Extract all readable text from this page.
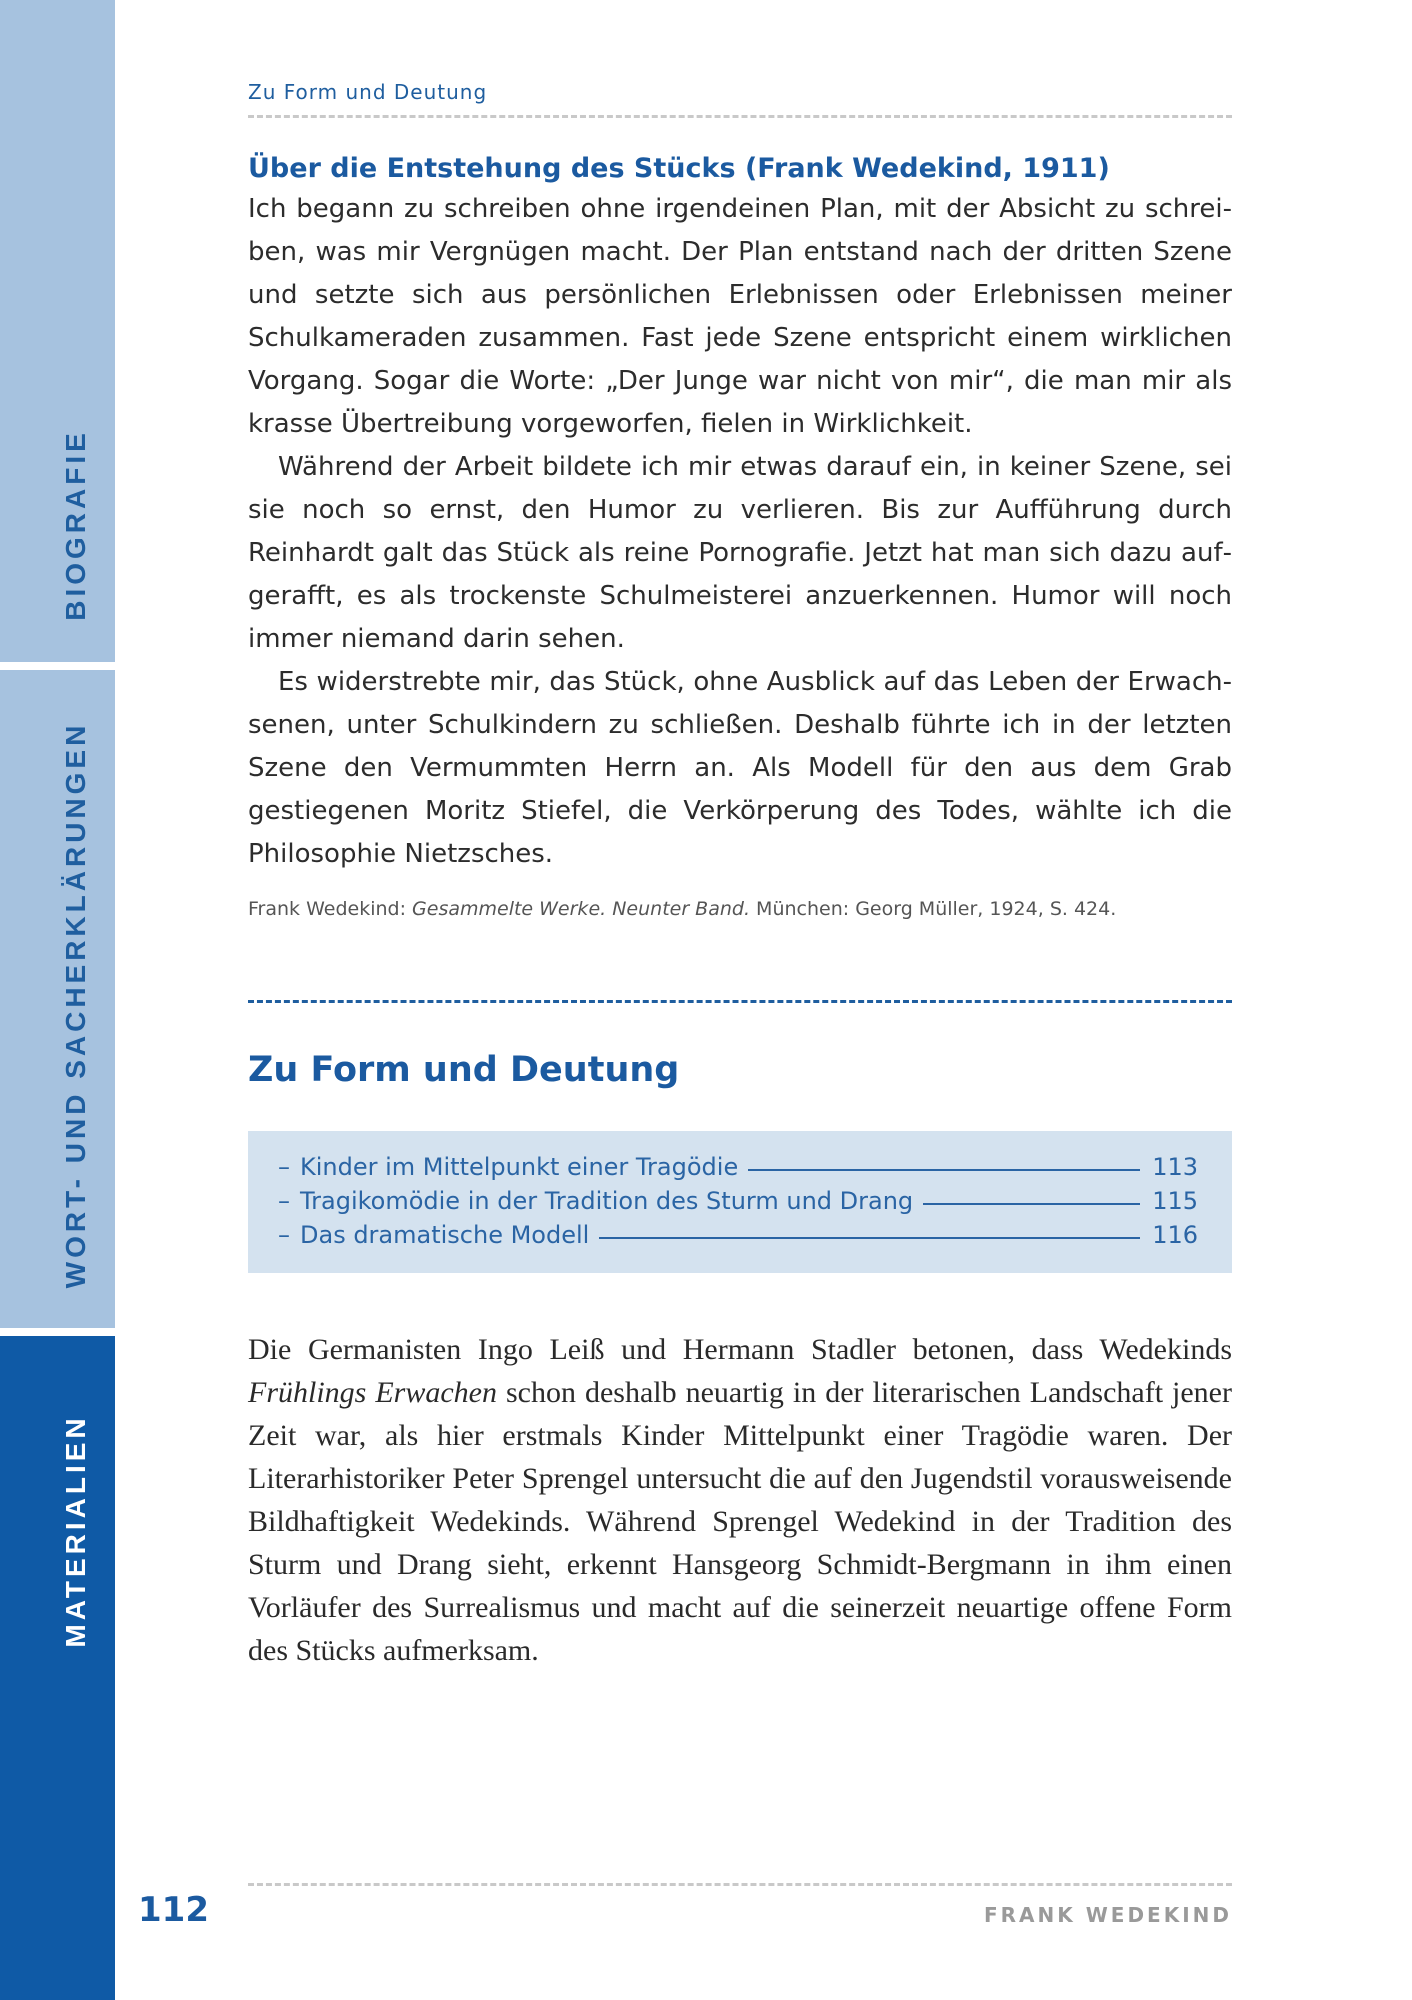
BIOGRAFIE
WORT- UND SACHERKLÄRUNGEN
MATERIALIEN
112
Zu Form und Deutung
Über die Entstehung des Stücks (Frank Wedekind, 1911)

Ich begann zu schreiben ohne irgendeinen Plan, mit der Absicht zu schreiben, was mir Vergnügen macht. Der Plan entstand nach der dritten Szene und setzte sich aus persönlichen Erlebnissen oder Erlebnissen meiner Schulkameraden zusammen. Fast jede Szene entspricht einem wirklichen Vorgang. Sogar die Worte: „Der Junge war nicht von mir“, die man mir als krasse Übertreibung vorgeworfen, fielen in Wirklichkeit.

Während der Arbeit bildete ich mir etwas darauf ein, in keiner Szene, sei sie noch so ernst, den Humor zu verlieren. Bis zur Aufführung durch Reinhardt galt das Stück als reine Pornografie. Jetzt hat man sich dazu aufgerafft, es als trockenste Schulmeisterei anzuerkennen. Humor will noch immer niemand darin sehen.

Es widerstrebte mir, das Stück, ohne Ausblick auf das Leben der Erwachsenen, unter Schulkindern zu schließen. Deshalb führte ich in der letzten Szene den Vermummten Herrn an. Als Modell für den aus dem Grab gestiegenen Moritz Stiefel, die Verkörperung des Todes, wählte ich die Philosophie Nietzsches.

Frank Wedekind: Gesammelte Werke. Neunter Band. München: Georg Müller, 1924, S. 424.

Zu Form und Deutung
– Kinder im Mittelpunkt einer Tragödie	113
– Tragikomödie in der Tradition des Sturm und Drang	115
– Das dramatische Modell	116

Die Germanisten Ingo Leiß und Hermann Stadler betonen, dass Wedekinds Frühlings Erwachen schon deshalb neuartig in der literarischen Landschaft jener Zeit war, als hier erstmals Kinder Mittelpunkt einer Tragödie waren. Der Literarhistoriker Peter Sprengel untersucht die auf den Jugendstil vorausweisende Bildhaftigkeit Wedekinds. Während Sprengel Wedekind in der Tradition des Sturm und Drang sieht, erkennt Hansgeorg Schmidt-Bergmann in ihm einen Vorläufer des Surrealismus und macht auf die seinerzeit neuartige offene Form des Stücks aufmerksam.

FRANK WEDEKIND
